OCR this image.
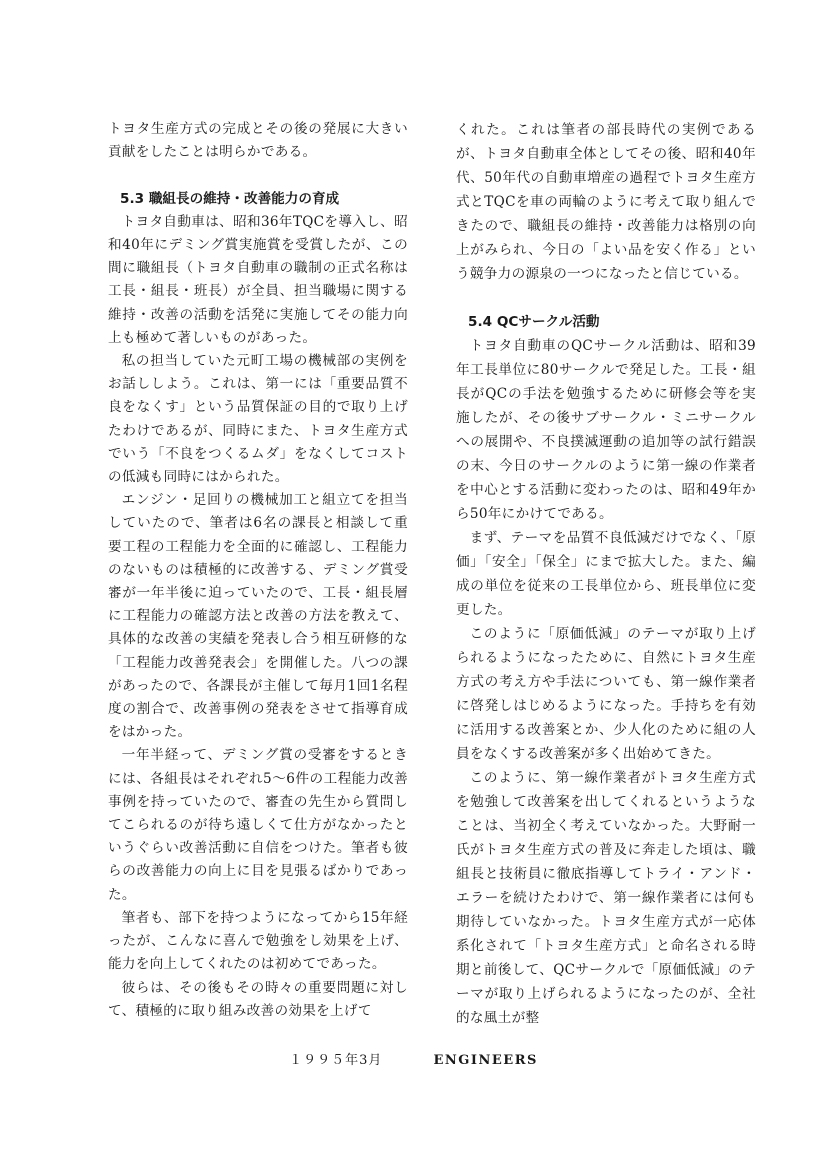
トヨタ生産方式の完成とその後の発展に大きい貢献をしたことは明らかである。

5.3 職組長の維持・改善能力の育成

トヨタ自動車は、昭和36年TQCを導入し、昭和40年にデミング賞実施賞を受賞したが、この間に職組長（トヨタ自動車の職制の正式名称は工長・組長・班長）が全員、担当職場に関する維持・改善の活動を活発に実施してその能力向上も極めて著しいものがあった。

私の担当していた元町工場の機械部の実例をお話ししよう。これは、第一には「重要品質不良をなくす」という品質保証の目的で取り上げたわけであるが、同時にまた、トヨタ生産方式でいう「不良をつくるムダ」をなくしてコストの低減も同時にはかられた。

エンジン・足回りの機械加工と組立てを担当していたので、筆者は6名の課長と相談して重要工程の工程能力を全面的に確認し、工程能力のないものは積極的に改善する、デミング賞受審が一年半後に迫っていたので、工長・組長層に工程能力の確認方法と改善の方法を教えて、具体的な改善の実績を発表し合う相互研修的な「工程能力改善発表会」を開催した。八つの課があったので、各課長が主催して毎月1回1名程度の割合で、改善事例の発表をさせて指導育成をはかった。

一年半経って、デミング賞の受審をするときには、各組長はそれぞれ5〜6件の工程能力改善事例を持っていたので、審査の先生から質問してこられるのが待ち遠しくて仕方がなかったというぐらい改善活動に自信をつけた。筆者も彼らの改善能力の向上に目を見張るばかりであった。

筆者も、部下を持つようになってから15年経ったが、こんなに喜んで勉強をし効果を上げ、能力を向上してくれたのは初めてであった。

彼らは、その後もその時々の重要問題に対して、積極的に取り組み改善の効果を上げて

くれた。これは筆者の部長時代の実例であるが、トヨタ自動車全体としてその後、昭和40年代、50年代の自動車増産の過程でトヨタ生産方式とTQCを車の両輪のように考えて取り組んできたので、職組長の維持・改善能力は格別の向上がみられ、今日の「よい品を安く作る」という競争力の源泉の一つになったと信じている。

5.4 QCサークル活動

トヨタ自動車のQCサークル活動は、昭和39年工長単位に80サークルで発足した。工長・組長がQCの手法を勉強するために研修会等を実施したが、その後サブサークル・ミニサークルへの展開や、不良撲滅運動の追加等の試行錯誤の末、今日のサークルのように第一線の作業者を中心とする活動に変わったのは、昭和49年から50年にかけてである。

まず、テーマを品質不良低減だけでなく、「原価」「安全」「保全」にまで拡大した。また、編成の単位を従来の工長単位から、班長単位に変更した。

このように「原価低減」のテーマが取り上げられるようになったために、自然にトヨタ生産方式の考え方や手法についても、第一線作業者に啓発しはじめるようになった。手持ちを有効に活用する改善案とか、少人化のために組の人員をなくする改善案が多く出始めてきた。

このように、第一線作業者がトヨタ生産方式を勉強して改善案を出してくれるというようなことは、当初全く考えていなかった。大野耐一氏がトヨタ生産方式の普及に奔走した頃は、職組長と技術員に徹底指導してトライ・アンド・エラーを続けたわけで、第一線作業者には何も期待していなかった。トヨタ生産方式が一応体系化されて「トヨタ生産方式」と命名される時期と前後して、QCサークルで「原価低減」のテーマが取り上げられるようになったのが、全社的な風土が整

１９９５年3月	ENGINEERS
